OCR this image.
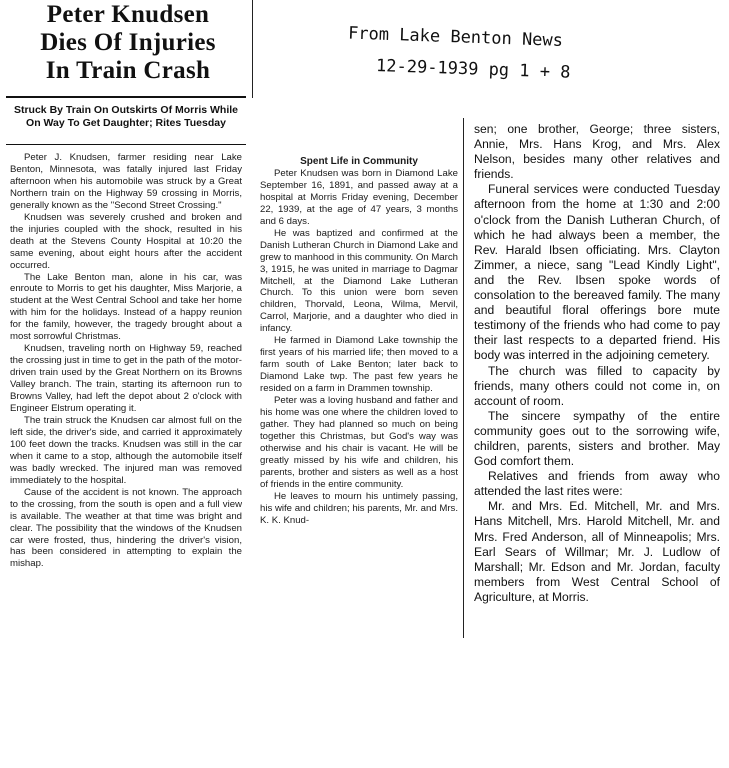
Peter Knudsen
Dies Of Injuries
In Train Crash
Struck By Train On Outskirts Of Morris While On Way To Get Daughter; Rites Tuesday

Peter J. Knudsen, farmer residing near Lake Benton, Minnesota, was fatally injured last Friday afternoon when his automobile was struck by a Great Northern train on the Highway 59 crossing in Morris, generally known as the "Second Street Crossing."

Knudsen was severely crushed and broken and the injuries coupled with the shock, resulted in his death at the Stevens County Hospital at 10:20 the same evening, about eight hours after the accident occurred.

The Lake Benton man, alone in his car, was enroute to Morris to get his daughter, Miss Marjorie, a student at the West Central School and take her home with him for the holidays. Instead of a happy reunion for the family, however, the tragedy brought about a most sorrowful Christmas.

Knudsen, traveling north on Highway 59, reached the crossing just in time to get in the path of the motor-driven train used by the Great Northern on its Browns Valley branch. The train, starting its afternoon run to Browns Valley, had left the depot about 2 o'clock with Engineer Elstrum operating it.

The train struck the Knudsen car almost full on the left side, the driver's side, and carried it approximately 100 feet down the tracks. Knudsen was still in the car when it came to a stop, although the automobile itself was badly wrecked. The injured man was removed immediately to the hospital.

Cause of the accident is not known. The approach to the crossing, from the south is open and a full view is available. The weather at that time was bright and clear. The possibility that the windows of the Knudsen car were frosted, thus, hindering the driver's vision, has been considered in attempting to explain the mishap.

Spent Life in Community

Peter Knudsen was born in Diamond Lake September 16, 1891, and passed away at a hospital at Morris Friday evening, December 22, 1939, at the age of 47 years, 3 months and 6 days.

He was baptized and confirmed at the Danish Lutheran Church in Diamond Lake and grew to manhood in this community. On March 3, 1915, he was united in marriage to Dagmar Mitchell, at the Diamond Lake Lutheran Church. To this union were born seven children, Thorvald, Leona, Wilma, Mervil, Carrol, Marjorie, and a daughter who died in infancy.

He farmed in Diamond Lake township the first years of his married life; then moved to a farm south of Lake Benton; later back to Diamond Lake twp. The past few years he resided on a farm in Drammen township.

Peter was a loving husband and father and his home was one where the children loved to gather. They had planned so much on being together this Christmas, but God's way was otherwise and his chair is vacant. He will be greatly missed by his wife and children, his parents, brother and sisters as well as a host of friends in the entire community.

He leaves to mourn his untimely passing, his wife and children; his parents, Mr. and Mrs. K. K. Knud-

From Lake Benton News
12-29-1939 pg 1 + 8

sen; one brother, George; three sisters, Annie, Mrs. Hans Krog, and Mrs. Alex Nelson, besides many other relatives and friends.

Funeral services were conducted Tuesday afternoon from the home at 1:30 and 2:00 o'clock from the Danish Lutheran Church, of which he had always been a member, the Rev. Harald Ibsen officiating. Mrs. Clayton Zimmer, a niece, sang "Lead Kindly Light", and the Rev. Ibsen spoke words of consolation to the bereaved family. The many and beautiful floral offerings bore mute testimony of the friends who had come to pay their last respects to a departed friend. His body was interred in the adjoining cemetery.

The church was filled to capacity by friends, many others could not come in, on account of room.

The sincere sympathy of the entire community goes out to the sorrowing wife, children, parents, sisters and brother. May God comfort them.

Relatives and friends from away who attended the last rites were:

Mr. and Mrs. Ed. Mitchell, Mr. and Mrs. Hans Mitchell, Mrs. Harold Mitchell, Mr. and Mrs. Fred Anderson, all of Minneapolis; Mrs. Earl Sears of Willmar; Mr. J. Ludlow of Marshall; Mr. Edson and Mr. Jordan, faculty members from West Central School of Agriculture, at Morris.
